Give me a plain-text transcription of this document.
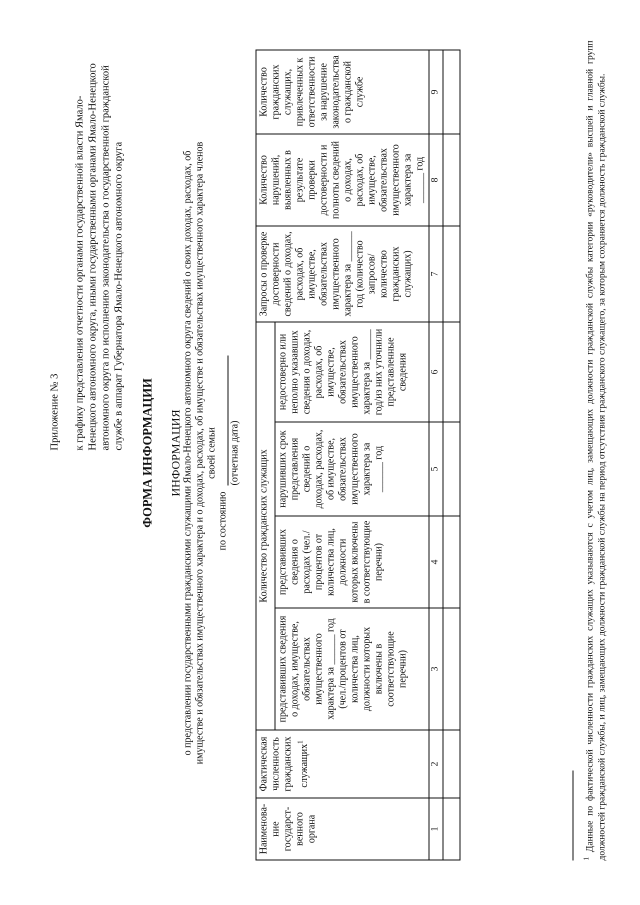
Приложение № 3 к графику представления отчетности органами государственной власти Ямало-Ненецкого автономного округа, иными государственными органами Ямало-Ненецкого автономного округа по исполнению законодательства о государственной гражданской службе в аппарат Губернатора Ямало-Ненецкого автономного округа
ФОРМА ИНФОРМАЦИИ ИНФОРМАЦИЯ о представлении государственными гражданскими служащими Ямало-Ненецкого автономного округа сведений о своих доходах, расходах, об имуществе и обязательствах имущественного характера и о доходах, расходах, об имуществе и обязательствах имущественного характера членов своей семьи
по состоянию
(отчетная дата)
Наименова-ние государст-венного органа	Фактическая численность гражданских служащих$^1$	Количество гражданских служащих				Запросы о проверке достоверности сведений о доходах, расходах, об имуществе, обязательствах имущественного характера за ______ год (количество запросов/количество гражданских служащих)	Количество нарушений, выявленных в результате проверки достоверности и полноты сведений о доходах, расходах, об имуществе, обязательствах имущественного характера за ______ год	Количество гражданских служащих, привлеченных к ответственности за нарушение законодательства о гражданской службе
		представивших сведения о доходах, имуществе, обязательствах имущественного характера за ______ год (чел./процентов от количества лиц, должности которых включены в соответствующие перечни)	представивших сведения о расходах (чел./процентов от количества лиц, должности которых включены в соответствующие перечни)	нарушивших срок представления сведений о доходах, расходах, об имуществе, обязательствах имущественного характера за ______ год	недостоверно или неполно указавших сведения о доходах, расходах, об имуществе, обязательствах имущественного характера за ______ год/из них уточнили представленные сведения			
1	2	3	4	5	6	7	8	9

$^1$ Данные по фактической численности гражданских служащих указываются с учетом лиц, замещающих должности гражданской службы категории «руководители» высшей и главной групп должностей гражданской службы, и лиц, замещающих должности гражданской службы на период отсутствия гражданского служащего, за которым сохраняется должность гражданской службы.
